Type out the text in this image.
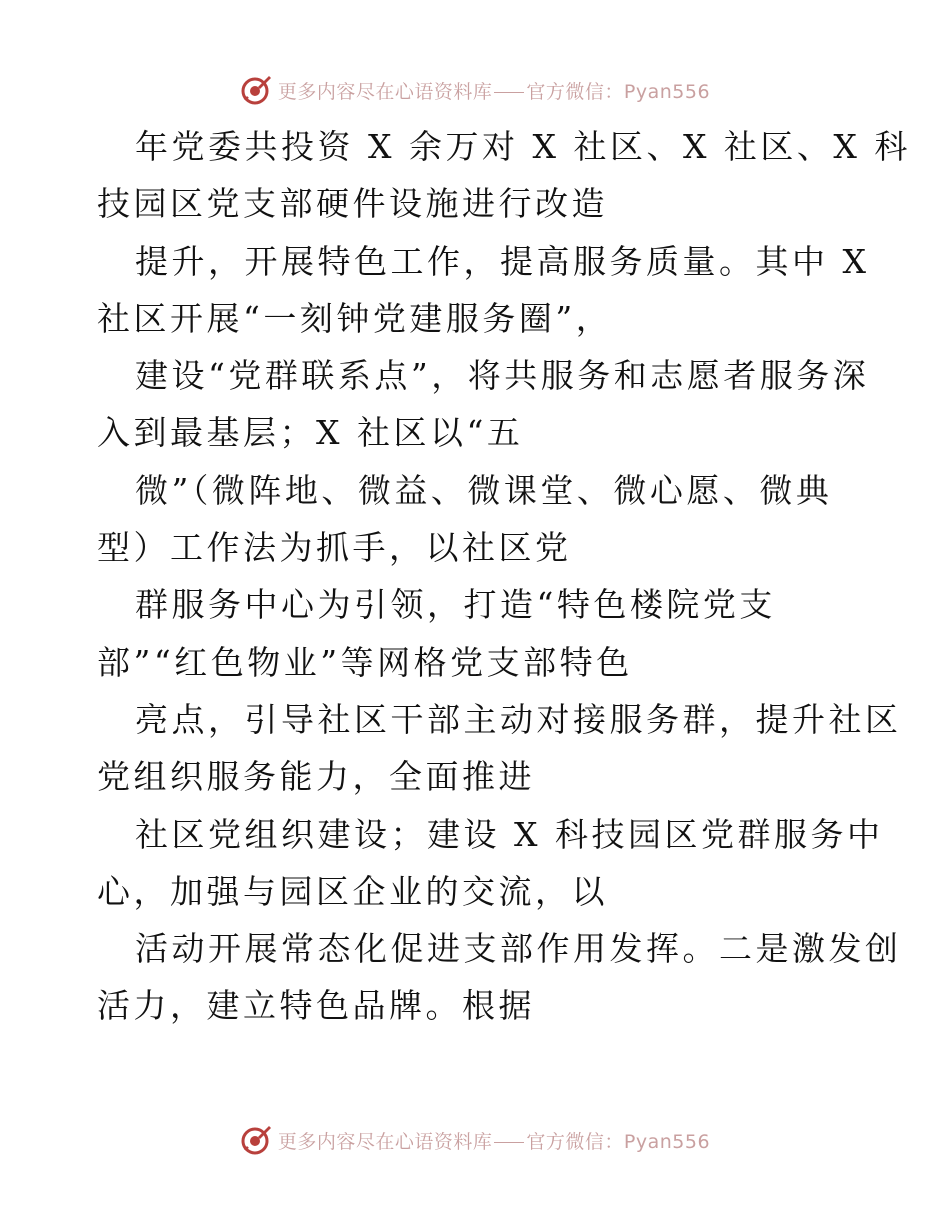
更多内容尽在心语资料库 官方微信：Pyan556
年党委共投资 X 余万对 X 社区、X 社区、X 科
技园区党支部硬件设施进行改造
提升，开展特色工作，提高服务质量。其中 X
社区开展“一刻钟党建服务圈”，
建设“党群联系点”，将共服务和志愿者服务深
入到最基层；X 社区以“五
微”（微阵地、微益、微课堂、微心愿、微典
型）工作法为抓手，以社区党
群服务中心为引领，打造“特色楼院党支
部”“红色物业”等网格党支部特色
亮点，引导社区干部主动对接服务群，提升社区
党组织服务能力，全面推进
社区党组织建设；建设 X 科技园区党群服务中
心，加强与园区企业的交流，以
活动开展常态化促进支部作用发挥。二是激发创
活力，建立特色品牌。根据
更多内容尽在心语资料库 官方微信：Pyan556
